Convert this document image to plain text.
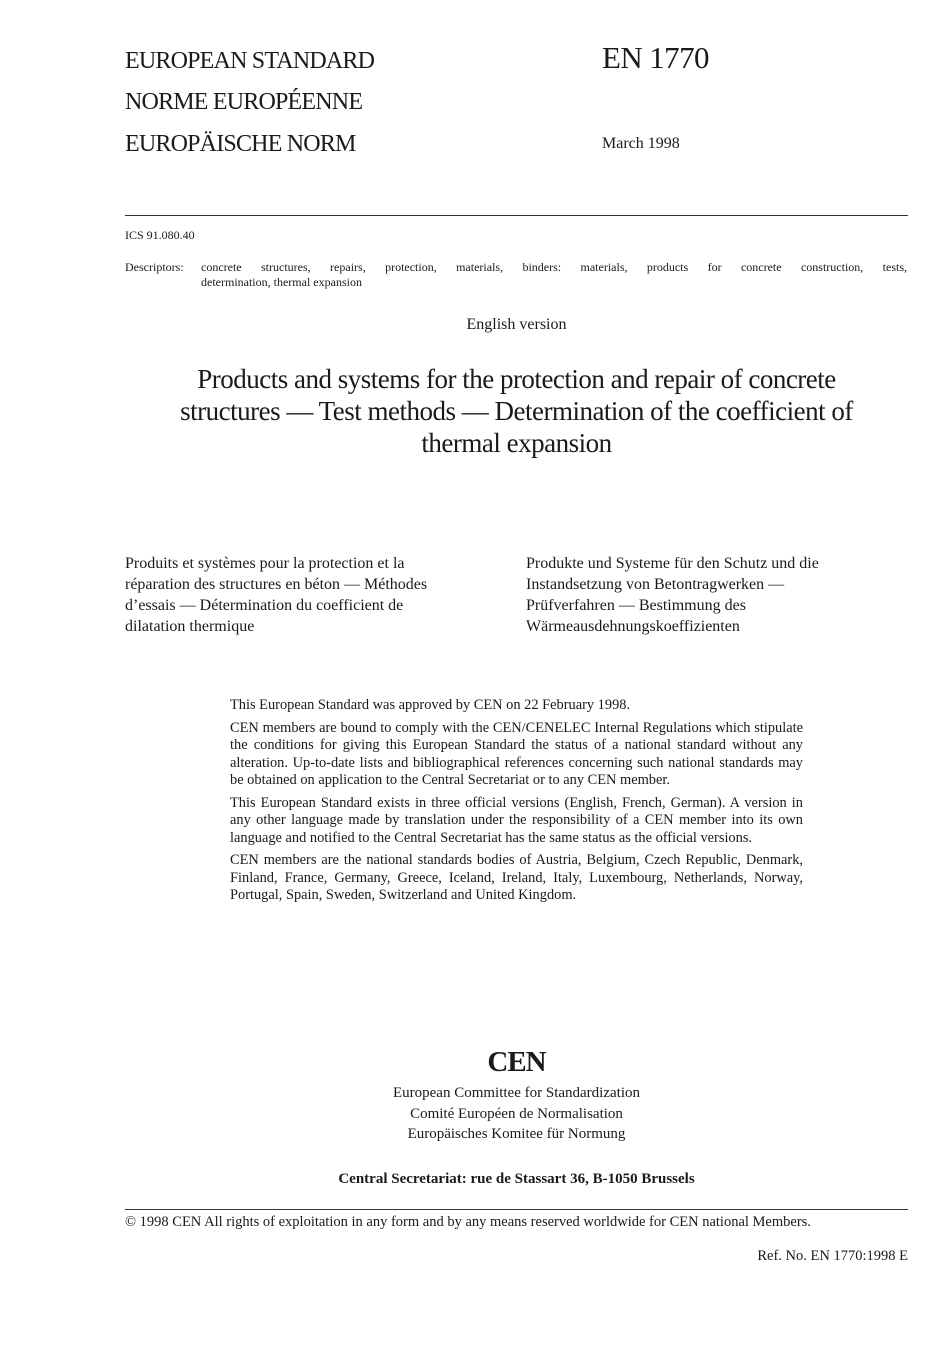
EUROPEAN STANDARD
NORME EUROPÉENNE
EUROPÄISCHE NORM
EN 1770
March 1998
ICS 91.080.40
Descriptors: concrete structures, repairs, protection, materials, binders: materials, products for concrete construction, tests,
determination, thermal expansion
English version
Products and systems for the protection and repair of concrete
structures — Test methods — Determination of the coefficient of
thermal expansion
Produits et systèmes pour la protection et la
réparation des structures en béton — Méthodes
d’essais — Détermination du coefficient de
dilatation thermique
Produkte und Systeme für den Schutz und die
Instandsetzung von Betontragwerken —
Prüfverfahren — Bestimmung des
Wärmeausdehnungskoeffizienten

This European Standard was approved by CEN on 22 February 1998.

CEN members are bound to comply with the CEN/CENELEC Internal Regulations which stipulate the conditions for giving this European Standard the status of a national standard without any alteration. Up-to-date lists and bibliographical references concerning such national standards may be obtained on application to the Central Secretariat or to any CEN member.

This European Standard exists in three official versions (English, French, German). A version in any other language made by translation under the responsibility of a CEN member into its own language and notified to the Central Secretariat has the same status as the official versions.

CEN members are the national standards bodies of Austria, Belgium, Czech Republic, Denmark, Finland, France, Germany, Greece, Iceland, Ireland, Italy, Luxembourg, Netherlands, Norway, Portugal, Spain, Sweden, Switzerland and United Kingdom.

CEN
European Committee for Standardization
Comité Européen de Normalisation
Europäisches Komitee für Normung
Central Secretariat: rue de Stassart 36, B-1050 Brussels
© 1998 CEN All rights of exploitation in any form and by any means reserved worldwide for CEN national Members.
Ref. No. EN 1770:1998 E
